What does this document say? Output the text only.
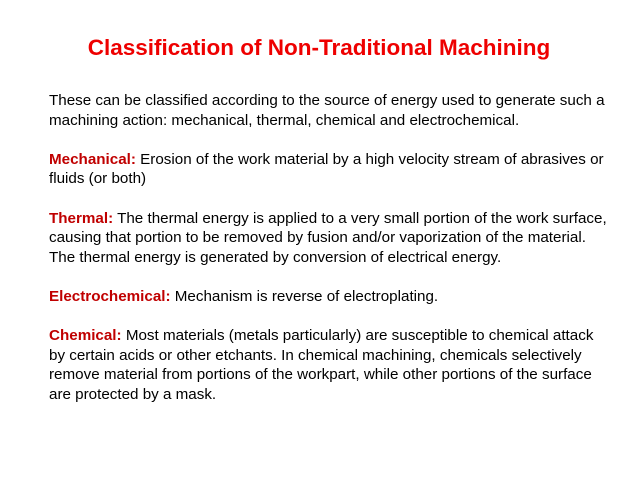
Classification of Non-Traditional Machining

These can be classified according to the source of energy used to generate such a machining action: mechanical, thermal, chemical and electrochemical.

Mechanical: Erosion of the work material by a high velocity stream of abrasives or fluids (or both)

Thermal: The thermal energy is applied to a very small portion of the work surface, causing that portion to be removed by fusion and/or vaporization of the material. The thermal energy is generated by conversion of electrical energy.

Electrochemical: Mechanism is reverse of electroplating.

Chemical: Most materials (metals particularly) are susceptible to chemical attack by certain acids or other etchants. In chemical machining, chemicals selectively remove material from portions of the workpart, while other portions of the surface are protected by a mask.
